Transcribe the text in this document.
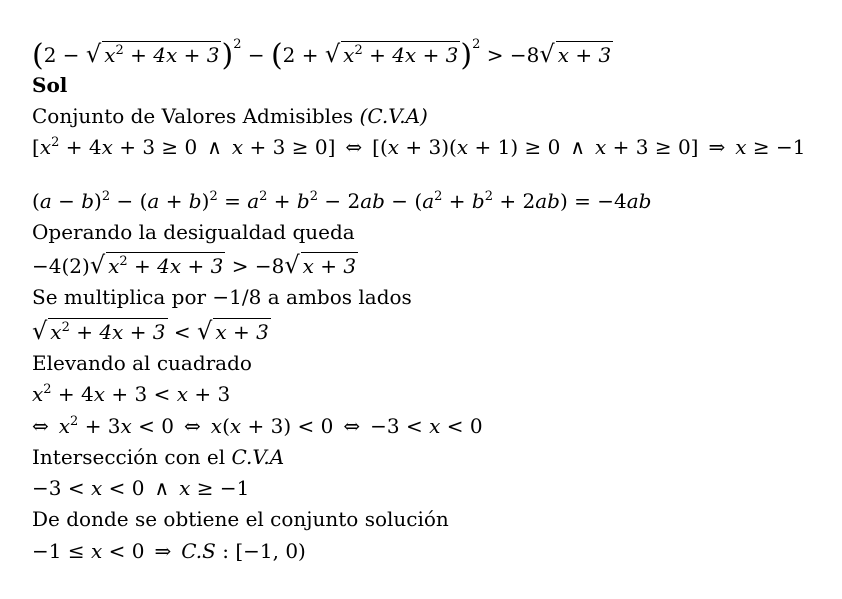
(2 − √ $x^2 + 4x + 3)^2 - (2$ + √ $x^2 + 4x + 3)^2 > -8√$ x + 3
Sol
Conjunto de Valores Admisibles (C.V.A)
[$x^2 + 4x + 3 \ge 0$ ∧ x + 3 ≥ 0] ⇔ [(x + 3)(x + 1) ≥ 0 ∧ x + 3 ≥ 0] ⇒ x ≥ −1
$(a - b)^2 - (a + b)^2 = a^2 + b^2 - 2ab - (a^2 + b^2 + 2ab) = -4ab$
Operando la desigualdad queda
−4(2)√ $x^2 + 4x + 3 > -8√$ x + 3
Se multiplica por −1/8 a ambos lados
√ $x^2 + 4x + 3$ < √ x + 3
Elevando al cuadrado
$x^2 + 4x + 3 < x + 3$
⇔ $x^2 + 3x < 0$ ⇔ x(x + 3) < 0 ⇔ −3 < x < 0
Intersección con el C.V.A
−3 < x < 0 ∧ x ≥ −1
De donde se obtiene el conjunto solución
−1 ≤ x < 0 ⇒ C.S : [−1, 0)
